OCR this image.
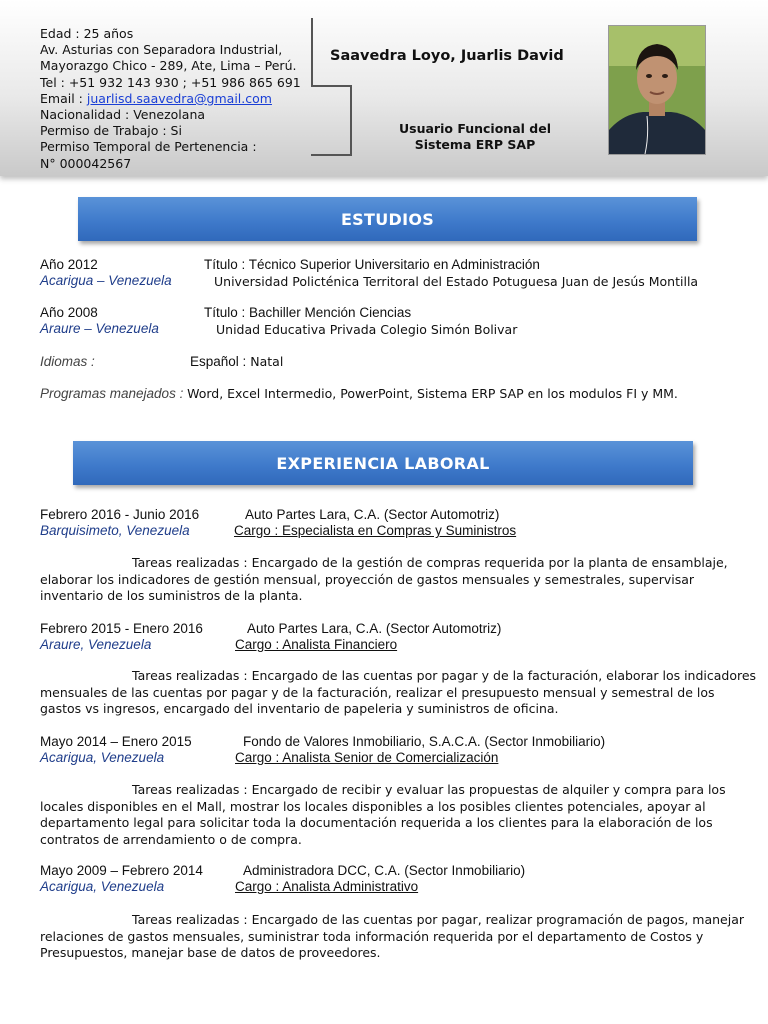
Edad : 25 años
Av. Asturias con Separadora Industrial,
Mayorazgo Chico - 289, Ate, Lima – Perú.
Tel : +51 932 143 930 ; +51 986 865 691
Email : juarlisd.saavedra@gmail.com
Nacionalidad : Venezolana
Permiso de Trabajo : Si
Permiso Temporal de Pertenencia :
N° 000042567
Saavedra Loyo, Juarlis David
Usuario Funcional del
Sistema ERP SAP
ESTUDIOS
Año 2012	Título : Técnico Superior Universitario en Administración
Acarigua – Venezuela	Universidad Policténica Territoral del Estado Potuguesa Juan de Jesús Montilla
Año 2008	Título : Bachiller Mención Ciencias
Araure – Venezuela	Unidad Educativa Privada Colegio Simón Bolivar
Idiomas :	Español : Natal
Programas manejados : Word, Excel Intermedio, PowerPoint, Sistema ERP SAP en los modulos FI y MM.
EXPERIENCIA LABORAL
Febrero 2016 - Junio 2016	Auto Partes Lara, C.A. (Sector Automotriz)
Barquisimeto, Venezuela	Cargo : Especialista en Compras y Suministros
Tareas realizadas : Encargado de la gestión de compras requerida por la planta de ensamblaje, elaborar los indicadores de gestión mensual, proyección de gastos mensuales y semestrales, supervisar inventario de los suministros de la planta.
Febrero 2015 - Enero 2016	Auto Partes Lara, C.A. (Sector Automotriz)
Araure, Venezuela	Cargo : Analista Financiero
Tareas realizadas : Encargado de las cuentas por pagar y de la facturación, elaborar los indicadores mensuales de las cuentas por pagar y de la facturación, realizar el presupuesto mensual y semestral de los gastos vs ingresos, encargado del inventario de papeleria y suministros de oficina.
Mayo 2014 – Enero 2015	Fondo de Valores Inmobiliario, S.A.C.A. (Sector Inmobiliario)
Acarigua, Venezuela	Cargo : Analista Senior de Comercialización
Tareas realizadas : Encargado de recibir y evaluar las propuestas de alquiler y compra para los locales disponibles en el Mall, mostrar los locales disponibles a los posibles clientes potenciales, apoyar al departamento legal para solicitar toda la documentación requerida a los clientes para la elaboración de los contratos de arrendamiento o de compra.
Mayo 2009 – Febrero 2014	Administradora DCC, C.A. (Sector Inmobiliario)
Acarigua, Venezuela	Cargo : Analista Administrativo
Tareas realizadas : Encargado de las cuentas por pagar, realizar programación de pagos, manejar relaciones de gastos mensuales, suministrar toda información requerida por el departamento de Costos y Presupuestos, manejar base de datos de proveedores.
